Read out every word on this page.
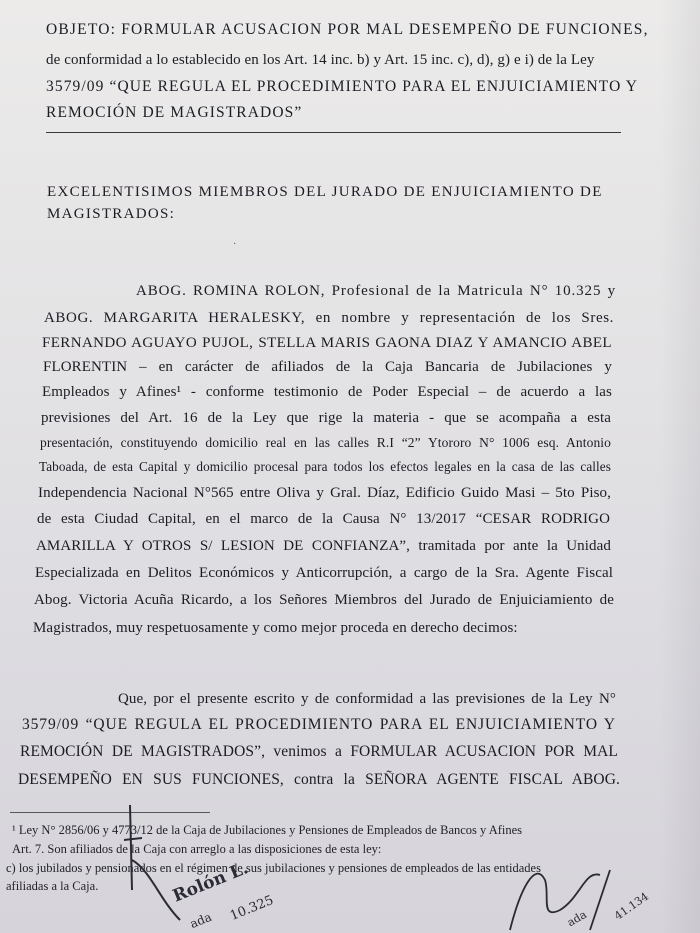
OBJETO: FORMULAR ACUSACION POR MAL DESEMPEÑO DE FUNCIONES,
de conformidad a lo establecido en los Art. 14 inc. b) y Art. 15 inc. c), d), g) e i) de la Ley
3579/09 “QUE REGULA EL PROCEDIMIENTO PARA EL ENJUICIAMIENTO Y
REMOCIÓN DE MAGISTRADOS”
EXCELENTISIMOS MIEMBROS DEL JURADO DE ENJUICIAMIENTO DE
MAGISTRADOS:
·
ABOG. ROMINA ROLON, Profesional de la Matricula N° 10.325 y
ABOG. MARGARITA HERALESKY, en nombre y representación de los Sres.
FERNANDO AGUAYO PUJOL, STELLA MARIS GAONA DIAZ Y AMANCIO ABEL
FLORENTIN – en carácter de afiliados de la Caja Bancaria de Jubilaciones y
Empleados y Afines¹ - conforme testimonio de Poder Especial – de acuerdo a las
previsiones del Art. 16 de la Ley que rige la materia - que se acompaña a esta
presentación, constituyendo domicilio real en las calles R.I “2” Ytororo N° 1006 esq. Antonio
Taboada, de esta Capital y domicilio procesal para todos los efectos legales en la casa de las calles
Independencia Nacional N°565 entre Oliva y Gral. Díaz, Edificio Guido Masi – 5to Piso,
de esta Ciudad Capital, en el marco de la Causa N° 13/2017 “CESAR RODRIGO
AMARILLA Y OTROS S/ LESION DE CONFIANZA”, tramitada por ante la Unidad
Especializada en Delitos Económicos y Anticorrupción, a cargo de la Sra. Agente Fiscal
Abog. Victoria Acuña Ricardo, a los Señores Miembros del Jurado de Enjuiciamiento de
Magistrados, muy respetuosamente y como mejor proceda en derecho decimos:
Que, por el presente escrito y de conformidad a las previsiones de la Ley N°
3579/09 “QUE REGULA EL PROCEDIMIENTO PARA EL ENJUICIAMIENTO Y
REMOCIÓN DE MAGISTRADOS”, venimos a FORMULAR ACUSACION POR MAL
DESEMPEÑO EN SUS FUNCIONES, contra la SEÑORA AGENTE FISCAL ABOG.
¹ Ley N° 2856/06 y 4773/12 de la Caja de Jubilaciones y Pensiones de Empleados de Bancos y Afines
Art. 7. Son afiliados de la Caja con arreglo a las disposiciones de esta ley:
c) los jubilados y pensionados en el régimen de sus jubilaciones y pensiones de empleados de las entidades
afiliadas a la Caja.	Rolón L.
ada 10.325	ada 41.134
